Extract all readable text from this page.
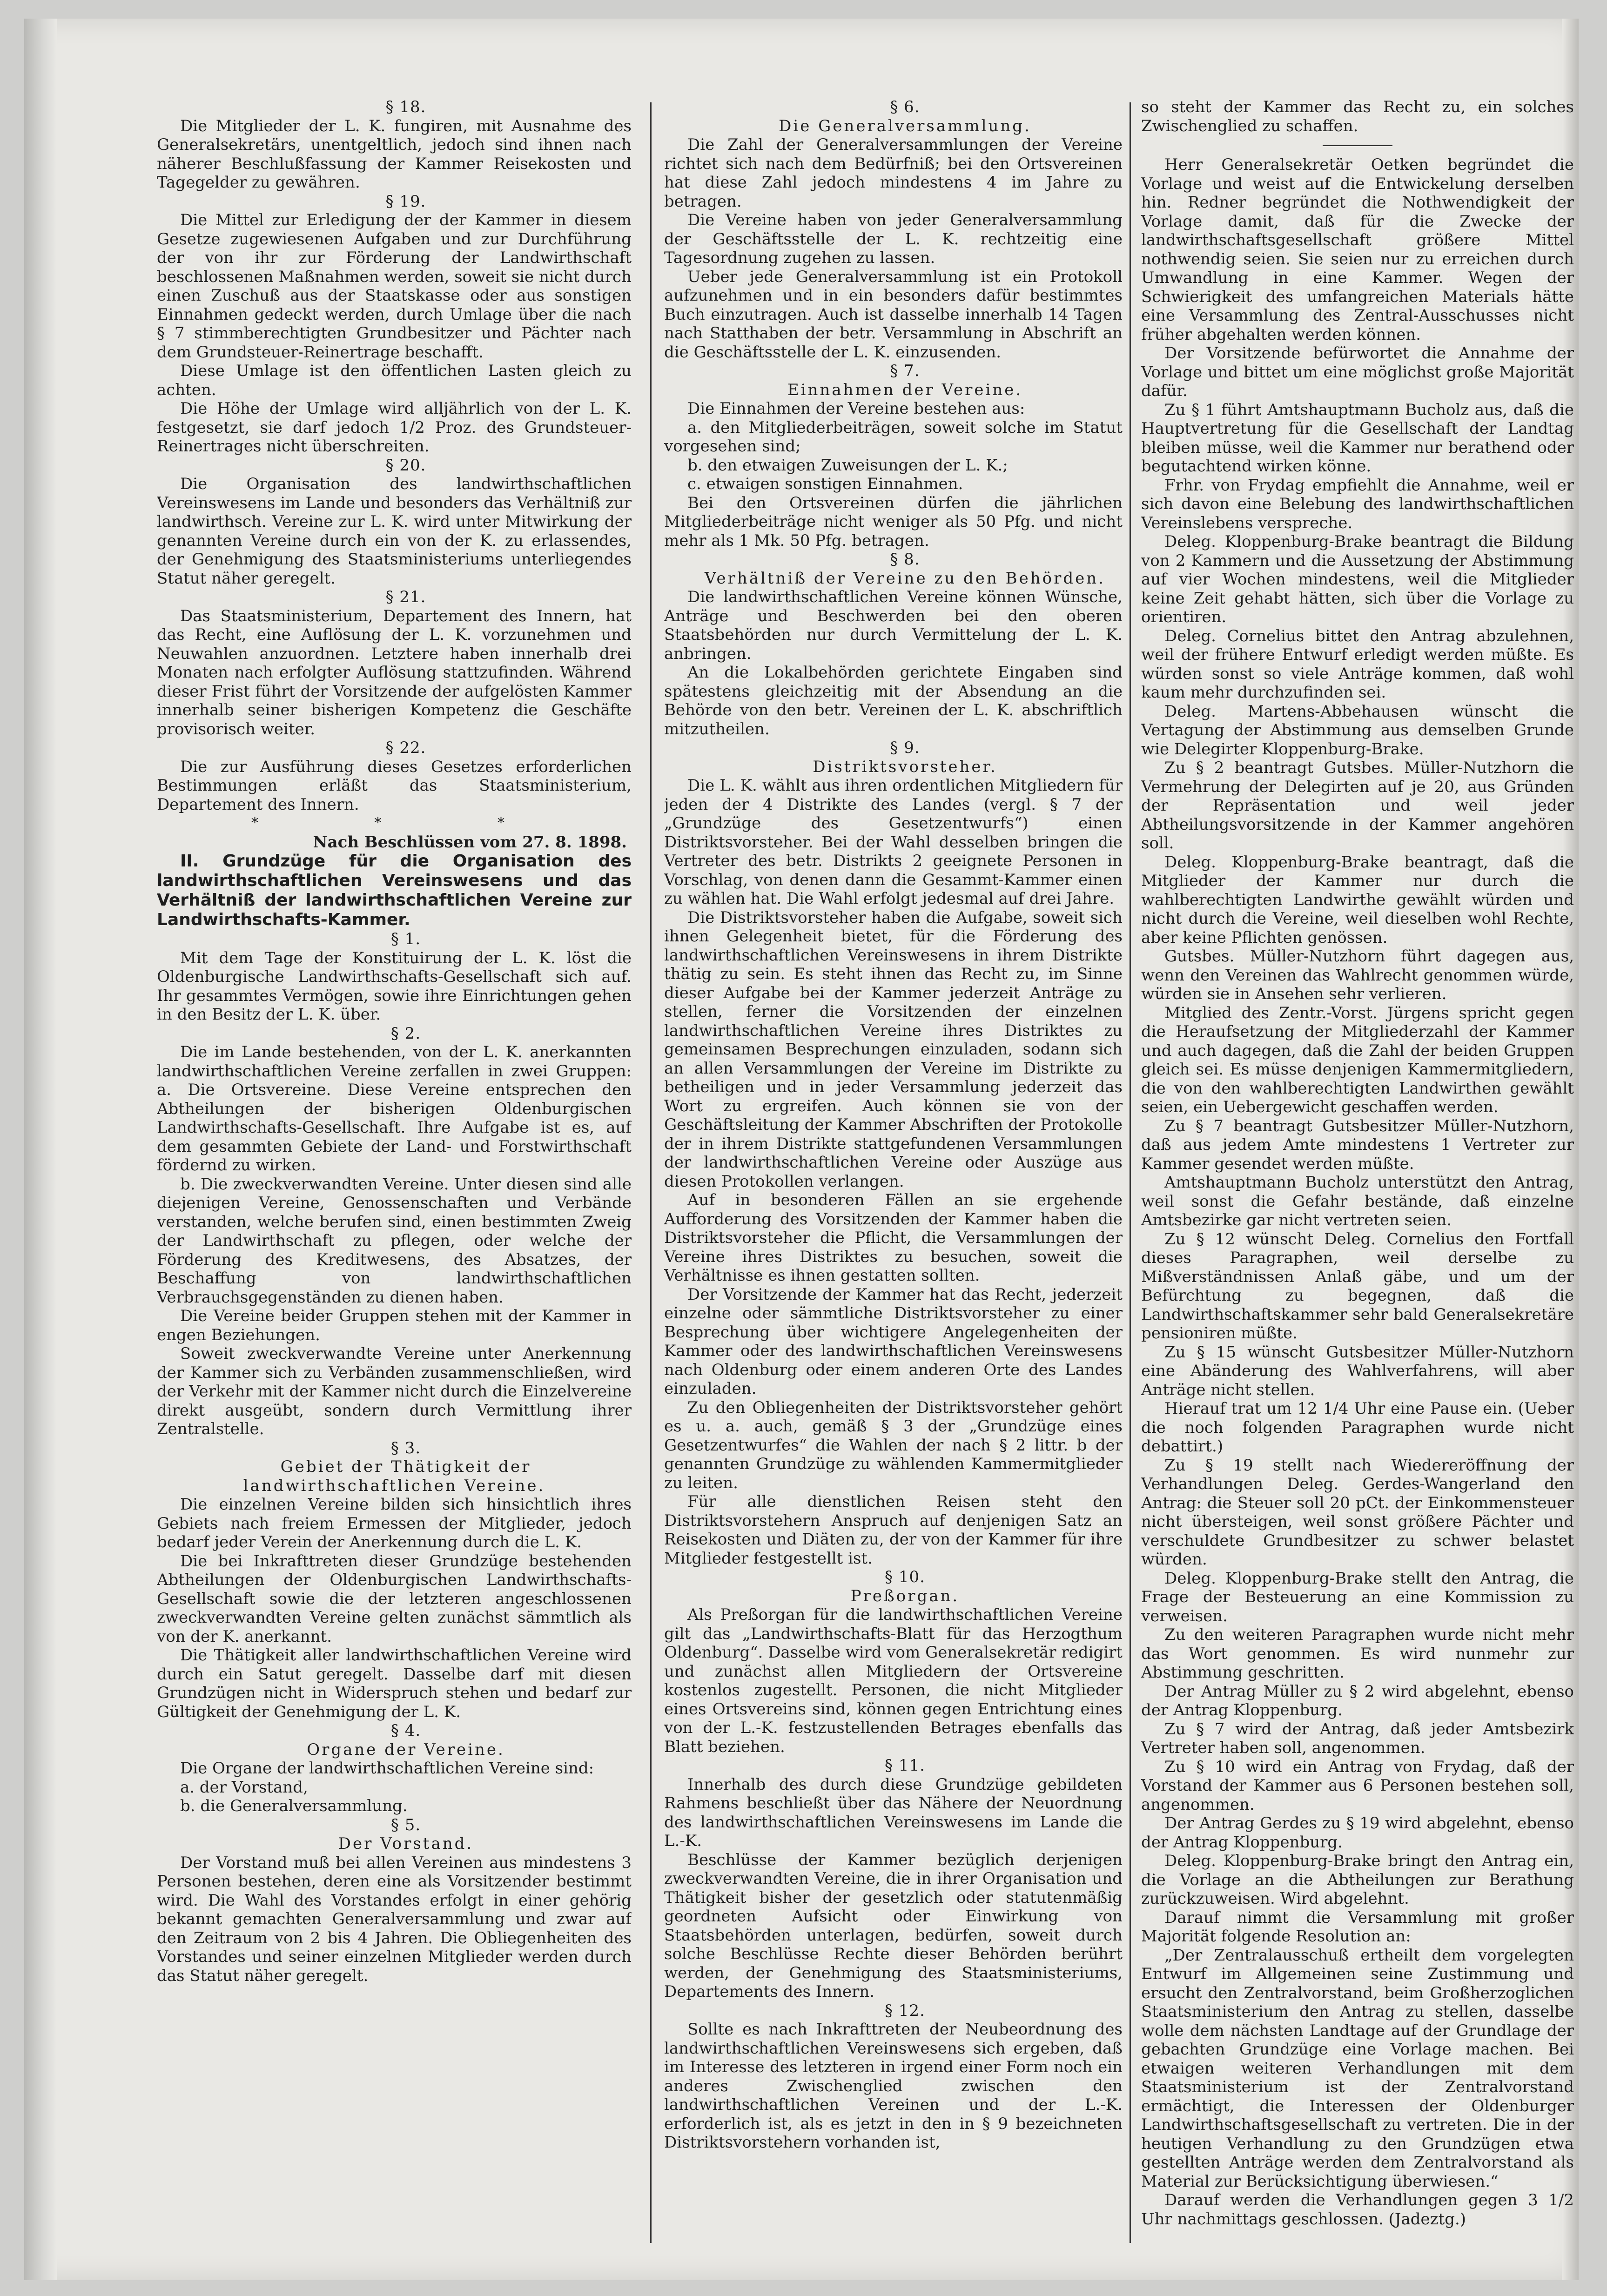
§ 18.

Die Mitglieder der L. K. fungiren, mit Ausnahme des Generalsekretärs, unentgeltlich, jedoch sind ihnen nach näherer Beschlußfassung der Kammer Reisekosten und Tagegelder zu gewähren.

§ 19.

Die Mittel zur Erledigung der der Kammer in diesem Gesetze zugewiesenen Aufgaben und zur Durchführung der von ihr zur Förderung der Landwirthschaft beschlossenen Maßnahmen werden, soweit sie nicht durch einen Zuschuß aus der Staatskasse oder aus sonstigen Einnahmen gedeckt werden, durch Umlage über die nach § 7 stimmberechtigten Grundbesitzer und Pächter nach dem Grundsteuer-Reinertrage beschafft.

Diese Umlage ist den öffentlichen Lasten gleich zu achten.

Die Höhe der Umlage wird alljährlich von der L. K. festgesetzt, sie darf jedoch 1/2 Proz. des Grundsteuer-Reinertrages nicht überschreiten.

§ 20.

Die Organisation des landwirthschaftlichen Vereinswesens im Lande und besonders das Verhältniß zur landwirthsch. Vereine zur L. K. wird unter Mitwirkung der genannten Vereine durch ein von der K. zu erlassendes, der Genehmigung des Staatsministeriums unterliegendes Statut näher geregelt.

§ 21.

Das Staatsministerium, Departement des Innern, hat das Recht, eine Auflösung der L. K. vorzunehmen und Neuwahlen anzuordnen. Letztere haben innerhalb drei Monaten nach erfolgter Auflösung stattzufinden. Während dieser Frist führt der Vorsitzende der aufgelösten Kammer innerhalb seiner bisherigen Kompetenz die Geschäfte provisorisch weiter.

§ 22.

Die zur Ausführung dieses Gesetzes erforderlichen Bestimmungen erläßt das Staatsministerium, Departement des Innern.

* * *

Nach Beschlüssen vom 27. 8. 1898.

II. Grundzüge für die Organisation des landwirthschaftlichen Vereinswesens und das Verhältniß der landwirthschaftlichen Vereine zur Landwirthschafts-Kammer.

§ 1.

Mit dem Tage der Konstituirung der L. K. löst die Oldenburgische Landwirthschafts-Gesellschaft sich auf. Ihr gesammtes Vermögen, sowie ihre Einrichtungen gehen in den Besitz der L. K. über.

§ 2.

Die im Lande bestehenden, von der L. K. anerkannten landwirthschaftlichen Vereine zerfallen in zwei Gruppen: a. Die Ortsvereine. Diese Vereine entsprechen den Abtheilungen der bisherigen Oldenburgischen Landwirthschafts-Gesellschaft. Ihre Aufgabe ist es, auf dem gesammten Gebiete der Land- und Forstwirthschaft fördernd zu wirken.

b. Die zweckverwandten Vereine. Unter diesen sind alle diejenigen Vereine, Genossenschaften und Verbände verstanden, welche berufen sind, einen bestimmten Zweig der Landwirthschaft zu pflegen, oder welche der Förderung des Kreditwesens, des Absatzes, der Beschaffung von landwirthschaftlichen Verbrauchsgegenständen zu dienen haben.

Die Vereine beider Gruppen stehen mit der Kammer in engen Beziehungen.

Soweit zweckverwandte Vereine unter Anerkennung der Kammer sich zu Verbänden zusammenschließen, wird der Verkehr mit der Kammer nicht durch die Einzelvereine direkt ausgeübt, sondern durch Vermittlung ihrer Zentralstelle.

§ 3.

Gebiet der Thätigkeit der landwirthschaftlichen Vereine.

Die einzelnen Vereine bilden sich hinsichtlich ihres Gebiets nach freiem Ermessen der Mitglieder, jedoch bedarf jeder Verein der Anerkennung durch die L. K.

Die bei Inkrafttreten dieser Grundzüge bestehenden Abtheilungen der Oldenburgischen Landwirthschafts-Gesellschaft sowie die der letzteren angeschlossenen zweckverwandten Vereine gelten zunächst sämmtlich als von der K. anerkannt.

Die Thätigkeit aller landwirthschaftlichen Vereine wird durch ein Satut geregelt. Dasselbe darf mit diesen Grundzügen nicht in Widerspruch stehen und bedarf zur Gültigkeit der Genehmigung der L. K.

§ 4.

Organe der Vereine.

Die Organe der landwirthschaftlichen Vereine sind:

a. der Vorstand,

b. die Generalversammlung.

§ 5.

Der Vorstand.

Der Vorstand muß bei allen Vereinen aus mindestens 3 Personen bestehen, deren eine als Vorsitzender bestimmt wird. Die Wahl des Vorstandes erfolgt in einer gehörig bekannt gemachten Generalversammlung und zwar auf den Zeitraum von 2 bis 4 Jahren. Die Obliegenheiten des Vorstandes und seiner einzelnen Mitglieder werden durch das Statut näher geregelt.

§ 6.

Die Generalversammlung.

Die Zahl der Generalversammlungen der Vereine richtet sich nach dem Bedürfniß; bei den Ortsvereinen hat diese Zahl jedoch mindestens 4 im Jahre zu betragen.

Die Vereine haben von jeder Generalversammlung der Geschäftsstelle der L. K. rechtzeitig eine Tagesordnung zugehen zu lassen.

Ueber jede Generalversammlung ist ein Protokoll aufzunehmen und in ein besonders dafür bestimmtes Buch einzutragen. Auch ist dasselbe innerhalb 14 Tagen nach Statthaben der betr. Versammlung in Abschrift an die Geschäftsstelle der L. K. einzusenden.

§ 7.

Einnahmen der Vereine.

Die Einnahmen der Vereine bestehen aus:

a. den Mitgliederbeiträgen, soweit solche im Statut vorgesehen sind;

b. den etwaigen Zuweisungen der L. K.;

c. etwaigen sonstigen Einnahmen.

Bei den Ortsvereinen dürfen die jährlichen Mitgliederbeiträge nicht weniger als 50 Pfg. und nicht mehr als 1 Mk. 50 Pfg. betragen.

§ 8.

Verhältniß der Vereine zu den Behörden.

Die landwirthschaftlichen Vereine können Wünsche, Anträge und Beschwerden bei den oberen Staatsbehörden nur durch Vermittelung der L. K. anbringen.

An die Lokalbehörden gerichtete Eingaben sind spätestens gleichzeitig mit der Absendung an die Behörde von den betr. Vereinen der L. K. abschriftlich mitzutheilen.

§ 9.

Distriktsvorsteher.

Die L. K. wählt aus ihren ordentlichen Mitgliedern für jeden der 4 Distrikte des Landes (vergl. § 7 der „Grundzüge des Gesetzentwurfs“) einen Distriktsvorsteher. Bei der Wahl desselben bringen die Vertreter des betr. Distrikts 2 geeignete Personen in Vorschlag, von denen dann die Gesammt-Kammer einen zu wählen hat. Die Wahl erfolgt jedesmal auf drei Jahre.

Die Distriktsvorsteher haben die Aufgabe, soweit sich ihnen Gelegenheit bietet, für die Förderung des landwirthschaftlichen Vereinswesens in ihrem Distrikte thätig zu sein. Es steht ihnen das Recht zu, im Sinne dieser Aufgabe bei der Kammer jederzeit Anträge zu stellen, ferner die Vorsitzenden der einzelnen landwirthschaftlichen Vereine ihres Distriktes zu gemeinsamen Besprechungen einzuladen, sodann sich an allen Versammlungen der Vereine im Distrikte zu betheiligen und in jeder Versammlung jederzeit das Wort zu ergreifen. Auch können sie von der Geschäftsleitung der Kammer Abschriften der Protokolle der in ihrem Distrikte stattgefundenen Versammlungen der landwirthschaftlichen Vereine oder Auszüge aus diesen Protokollen verlangen.

Auf in besonderen Fällen an sie ergehende Aufforderung des Vorsitzenden der Kammer haben die Distriktsvorsteher die Pflicht, die Versammlungen der Vereine ihres Distriktes zu besuchen, soweit die Verhältnisse es ihnen gestatten sollten.

Der Vorsitzende der Kammer hat das Recht, jederzeit einzelne oder sämmtliche Distriktsvorsteher zu einer Besprechung über wichtigere Angelegenheiten der Kammer oder des landwirthschaftlichen Vereinswesens nach Oldenburg oder einem anderen Orte des Landes einzuladen.

Zu den Obliegenheiten der Distriktsvorsteher gehört es u. a. auch, gemäß § 3 der „Grundzüge eines Gesetzentwurfes“ die Wahlen der nach § 2 littr. b der genannten Grundzüge zu wählenden Kammermitglieder zu leiten.

Für alle dienstlichen Reisen steht den Distriktsvorstehern Anspruch auf denjenigen Satz an Reisekosten und Diäten zu, der von der Kammer für ihre Mitglieder festgestellt ist.

§ 10.

Preßorgan.

Als Preßorgan für die landwirthschaftlichen Vereine gilt das „Landwirthschafts-Blatt für das Herzogthum Oldenburg“. Dasselbe wird vom Generalsekretär redigirt und zunächst allen Mitgliedern der Ortsvereine kostenlos zugestellt. Personen, die nicht Mitglieder eines Ortsvereins sind, können gegen Entrichtung eines von der L.-K. festzustellenden Betrages ebenfalls das Blatt beziehen.

§ 11.

Innerhalb des durch diese Grundzüge gebildeten Rahmens beschließt über das Nähere der Neuordnung des landwirthschaftlichen Vereinswesens im Lande die L.-K.

Beschlüsse der Kammer bezüglich derjenigen zweckverwandten Vereine, die in ihrer Organisation und Thätigkeit bisher der gesetzlich oder statutenmäßig geordneten Aufsicht oder Einwirkung von Staatsbehörden unterlagen, bedürfen, soweit durch solche Beschlüsse Rechte dieser Behörden berührt werden, der Genehmigung des Staatsministeriums, Departements des Innern.

§ 12.

Sollte es nach Inkrafttreten der Neubeordnung des landwirthschaftlichen Vereinswesens sich ergeben, daß im Interesse des letzteren in irgend einer Form noch ein anderes Zwischenglied zwischen den landwirthschaftlichen Vereinen und der L.-K. erforderlich ist, als es jetzt in den in § 9 bezeichneten Distriktsvorstehern vorhanden ist,

so steht der Kammer das Recht zu, ein solches Zwischenglied zu schaffen.

Herr Generalsekretär Oetken begründet die Vorlage und weist auf die Entwickelung derselben hin. Redner begründet die Nothwendigkeit der Vorlage damit, daß für die Zwecke der landwirthschaftsgesellschaft größere Mittel nothwendig seien. Sie seien nur zu erreichen durch Umwandlung in eine Kammer. Wegen der Schwierigkeit des umfangreichen Materials hätte eine Versammlung des Zentral-Ausschusses nicht früher abgehalten werden können.

Der Vorsitzende befürwortet die Annahme der Vorlage und bittet um eine möglichst große Majorität dafür.

Zu § 1 führt Amtshauptmann Bucholz aus, daß die Hauptvertretung für die Gesellschaft der Landtag bleiben müsse, weil die Kammer nur berathend oder begutachtend wirken könne.

Frhr. von Frydag empfiehlt die Annahme, weil er sich davon eine Belebung des landwirthschaftlichen Vereinslebens verspreche.

Deleg. Kloppenburg-Brake beantragt die Bildung von 2 Kammern und die Aussetzung der Abstimmung auf vier Wochen mindestens, weil die Mitglieder keine Zeit gehabt hätten, sich über die Vorlage zu orientiren.

Deleg. Cornelius bittet den Antrag abzulehnen, weil der frühere Entwurf erledigt werden müßte. Es würden sonst so viele Anträge kommen, daß wohl kaum mehr durchzufinden sei.

Deleg. Martens-Abbehausen wünscht die Vertagung der Abstimmung aus demselben Grunde wie Delegirter Kloppenburg-Brake.

Zu § 2 beantragt Gutsbes. Müller-Nutzhorn die Vermehrung der Delegirten auf je 20, aus Gründen der Repräsentation und weil jeder Abtheilungsvorsitzende in der Kammer angehören soll.

Deleg. Kloppenburg-Brake beantragt, daß die Mitglieder der Kammer nur durch die wahlberechtigten Landwirthe gewählt würden und nicht durch die Vereine, weil dieselben wohl Rechte, aber keine Pflichten genössen.

Gutsbes. Müller-Nutzhorn führt dagegen aus, wenn den Vereinen das Wahlrecht genommen würde, würden sie in Ansehen sehr verlieren.

Mitglied des Zentr.-Vorst. Jürgens spricht gegen die Heraufsetzung der Mitgliederzahl der Kammer und auch dagegen, daß die Zahl der beiden Gruppen gleich sei. Es müsse denjenigen Kammermitgliedern, die von den wahlberechtigten Landwirthen gewählt seien, ein Uebergewicht geschaffen werden.

Zu § 7 beantragt Gutsbesitzer Müller-Nutzhorn, daß aus jedem Amte mindestens 1 Vertreter zur Kammer gesendet werden müßte.

Amtshauptmann Bucholz unterstützt den Antrag, weil sonst die Gefahr bestände, daß einzelne Amtsbezirke gar nicht vertreten seien.

Zu § 12 wünscht Deleg. Cornelius den Fortfall dieses Paragraphen, weil derselbe zu Mißverständnissen Anlaß gäbe, und um der Befürchtung zu begegnen, daß die Landwirthschaftskammer sehr bald Generalsekretäre pensioniren müßte.

Zu § 15 wünscht Gutsbesitzer Müller-Nutzhorn eine Abänderung des Wahlverfahrens, will aber Anträge nicht stellen.

Hierauf trat um 12 1/4 Uhr eine Pause ein. (Ueber die noch folgenden Paragraphen wurde nicht debattirt.)

Zu § 19 stellt nach Wiedereröffnung der Verhandlungen Deleg. Gerdes-Wangerland den Antrag: die Steuer soll 20 pCt. der Einkommensteuer nicht übersteigen, weil sonst größere Pächter und verschuldete Grundbesitzer zu schwer belastet würden.

Deleg. Kloppenburg-Brake stellt den Antrag, die Frage der Besteuerung an eine Kommission zu verweisen.

Zu den weiteren Paragraphen wurde nicht mehr das Wort genommen. Es wird nunmehr zur Abstimmung geschritten.

Der Antrag Müller zu § 2 wird abgelehnt, ebenso der Antrag Kloppenburg.

Zu § 7 wird der Antrag, daß jeder Amtsbezirk Vertreter haben soll, angenommen.

Zu § 10 wird ein Antrag von Frydag, daß der Vorstand der Kammer aus 6 Personen bestehen soll, angenommen.

Der Antrag Gerdes zu § 19 wird abgelehnt, ebenso der Antrag Kloppenburg.

Deleg. Kloppenburg-Brake bringt den Antrag ein, die Vorlage an die Abtheilungen zur Berathung zurückzuweisen. Wird abgelehnt.

Darauf nimmt die Versammlung mit großer Majorität folgende Resolution an:

„Der Zentralausschuß ertheilt dem vorgelegten Entwurf im Allgemeinen seine Zustimmung und ersucht den Zentralvorstand, beim Großherzoglichen Staatsministerium den Antrag zu stellen, dasselbe wolle dem nächsten Landtage auf der Grundlage der gebachten Grundzüge eine Vorlage machen. Bei etwaigen weiteren Verhandlungen mit dem Staatsministerium ist der Zentralvorstand ermächtigt, die Interessen der Oldenburger Landwirthschaftsgesellschaft zu vertreten. Die in der heutigen Verhandlung zu den Grundzügen etwa gestellten Anträge werden dem Zentralvorstand als Material zur Berücksichtigung überwiesen.“

Darauf werden die Verhandlungen gegen 3 1/2 Uhr nachmittags geschlossen. (Jadeztg.)
